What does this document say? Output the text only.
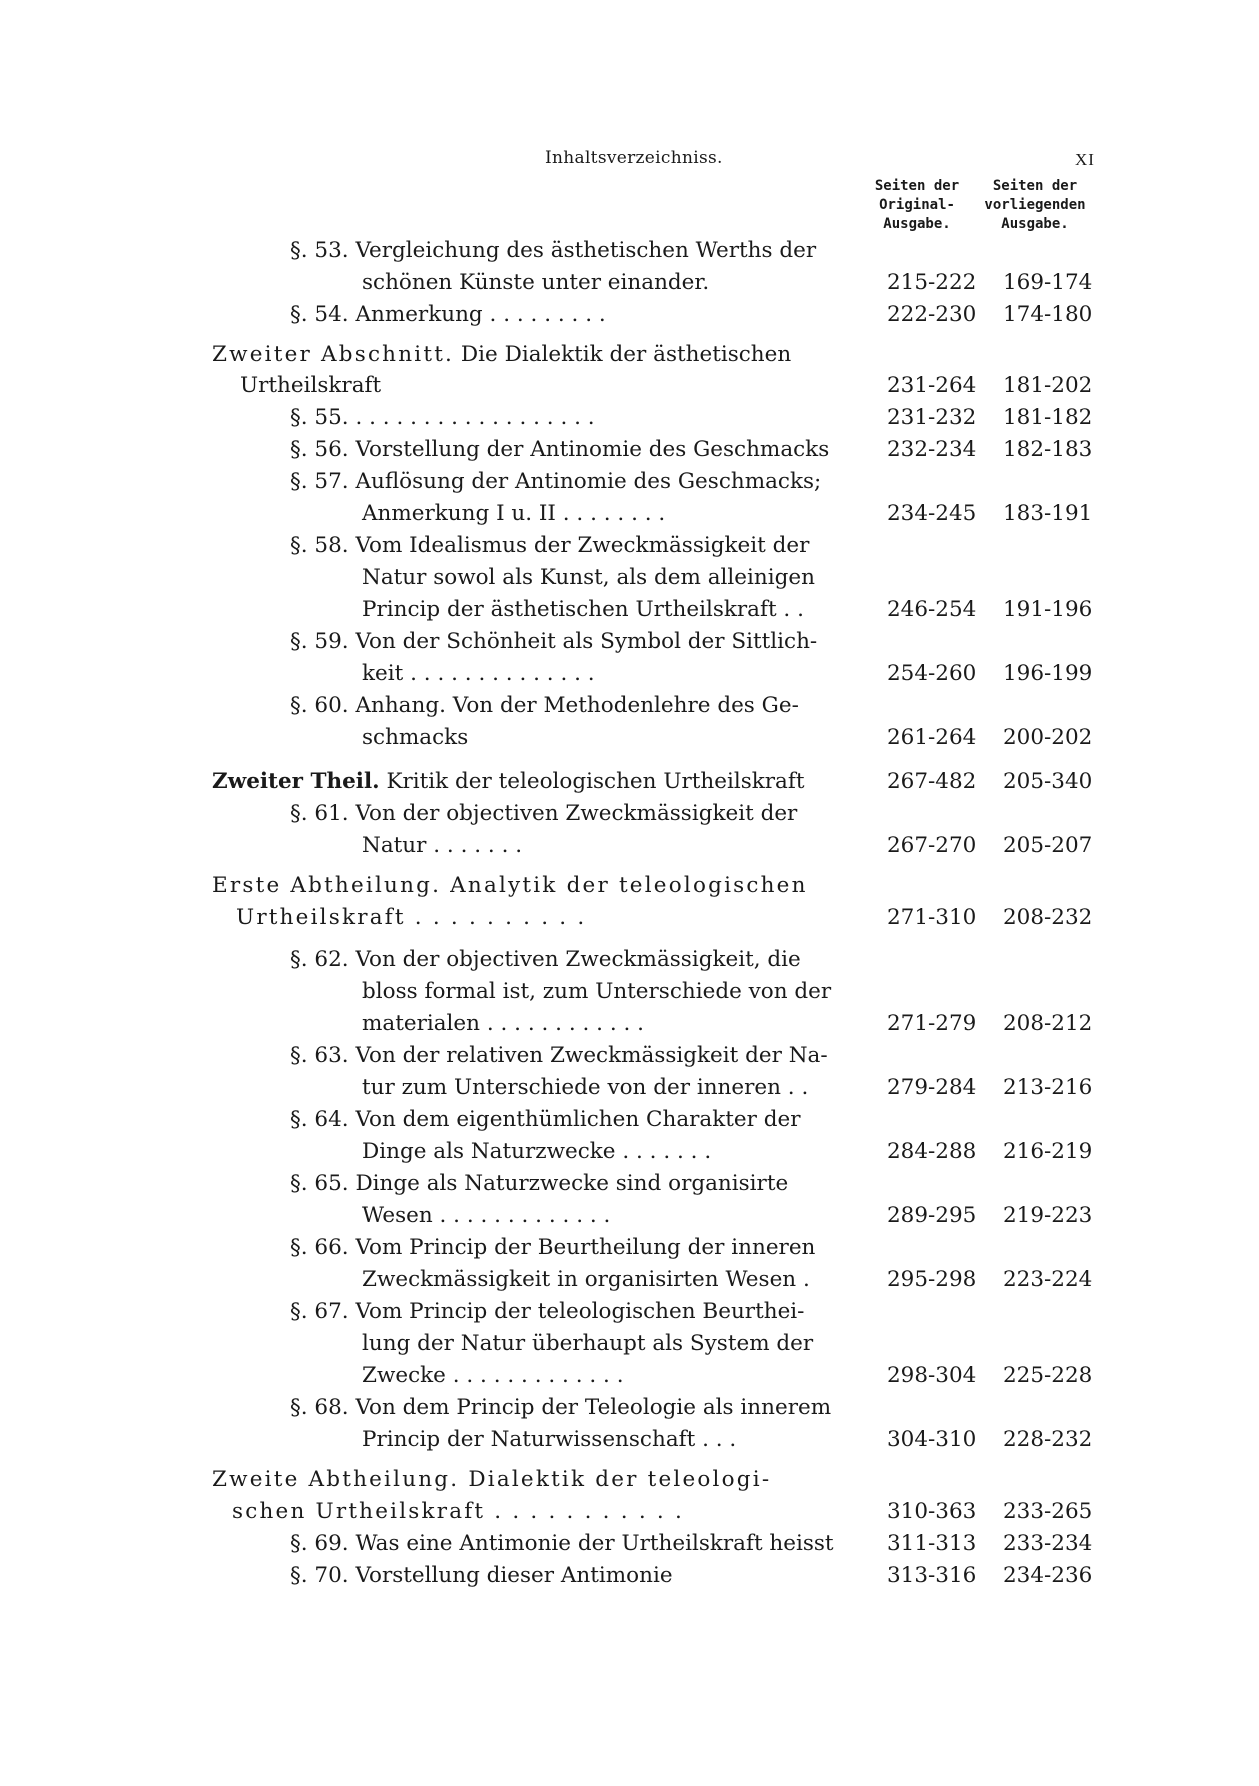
Inhaltsverzeichniss.	XI
Seiten der
Original-
Ausgabe.
Seiten der
vorliegenden
Ausgabe.
§. 53. Vergleichung des ästhetischen Werths der
schönen Künste unter einander.	215-222 169-174
§. 54. Anmerkung . . . . . . . . .	222-230 174-180
Zweiter Abschnitt. Die Dialektik der ästhetischen
Urtheilskraft	231-264 181-202
§. 55. . . . . . . . . . . . . . . . . . .	231-232 181-182
§. 56. Vorstellung der Antinomie des Geschmacks	232-234 182-183
§. 57. Auflösung der Antinomie des Geschmacks;
Anmerkung I u. II . . . . . . . .	234-245 183-191
§. 58. Vom Idealismus der Zweckmässigkeit der
Natur sowol als Kunst, als dem alleinigen
Princip der ästhetischen Urtheilskraft . .	246-254 191-196
§. 59. Von der Schönheit als Symbol der Sittlich-
keit . . . . . . . . . . . . . .	254-260 196-199
§. 60. Anhang. Von der Methodenlehre des Ge-
schmacks	261-264 200-202
Zweiter Theil. Kritik der teleologischen Urtheilskraft	267-482 205-340
§. 61. Von der objectiven Zweckmässigkeit der
Natur . . . . . . .	267-270 205-207
Erste Abtheilung. Analytik der teleologischen
Urtheilskraft . . . . . . . . . .	271-310 208-232
§. 62. Von der objectiven Zweckmässigkeit, die
bloss formal ist, zum Unterschiede von der
materialen . . . . . . . . . . . .	271-279 208-212
§. 63. Von der relativen Zweckmässigkeit der Na-
tur zum Unterschiede von der inneren . .	279-284 213-216
§. 64. Von dem eigenthümlichen Charakter der
Dinge als Naturzwecke . . . . . . .	284-288 216-219
§. 65. Dinge als Naturzwecke sind organisirte
Wesen . . . . . . . . . . . . .	289-295 219-223
§. 66. Vom Princip der Beurtheilung der inneren
Zweckmässigkeit in organisirten Wesen .	295-298 223-224
§. 67. Vom Princip der teleologischen Beurthei-
lung der Natur überhaupt als System der
Zwecke . . . . . . . . . . . . .	298-304 225-228
§. 68. Von dem Princip der Teleologie als innerem
Princip der Naturwissenschaft . . .	304-310 228-232
Zweite Abtheilung. Dialektik der teleologi-
schen Urtheilskraft . . . . . . . . . . .	310-363 233-265
§. 69. Was eine Antimonie der Urtheilskraft heisst 311-313 233-234
§. 70. Vorstellung dieser Antimonie	313-316 234-236
